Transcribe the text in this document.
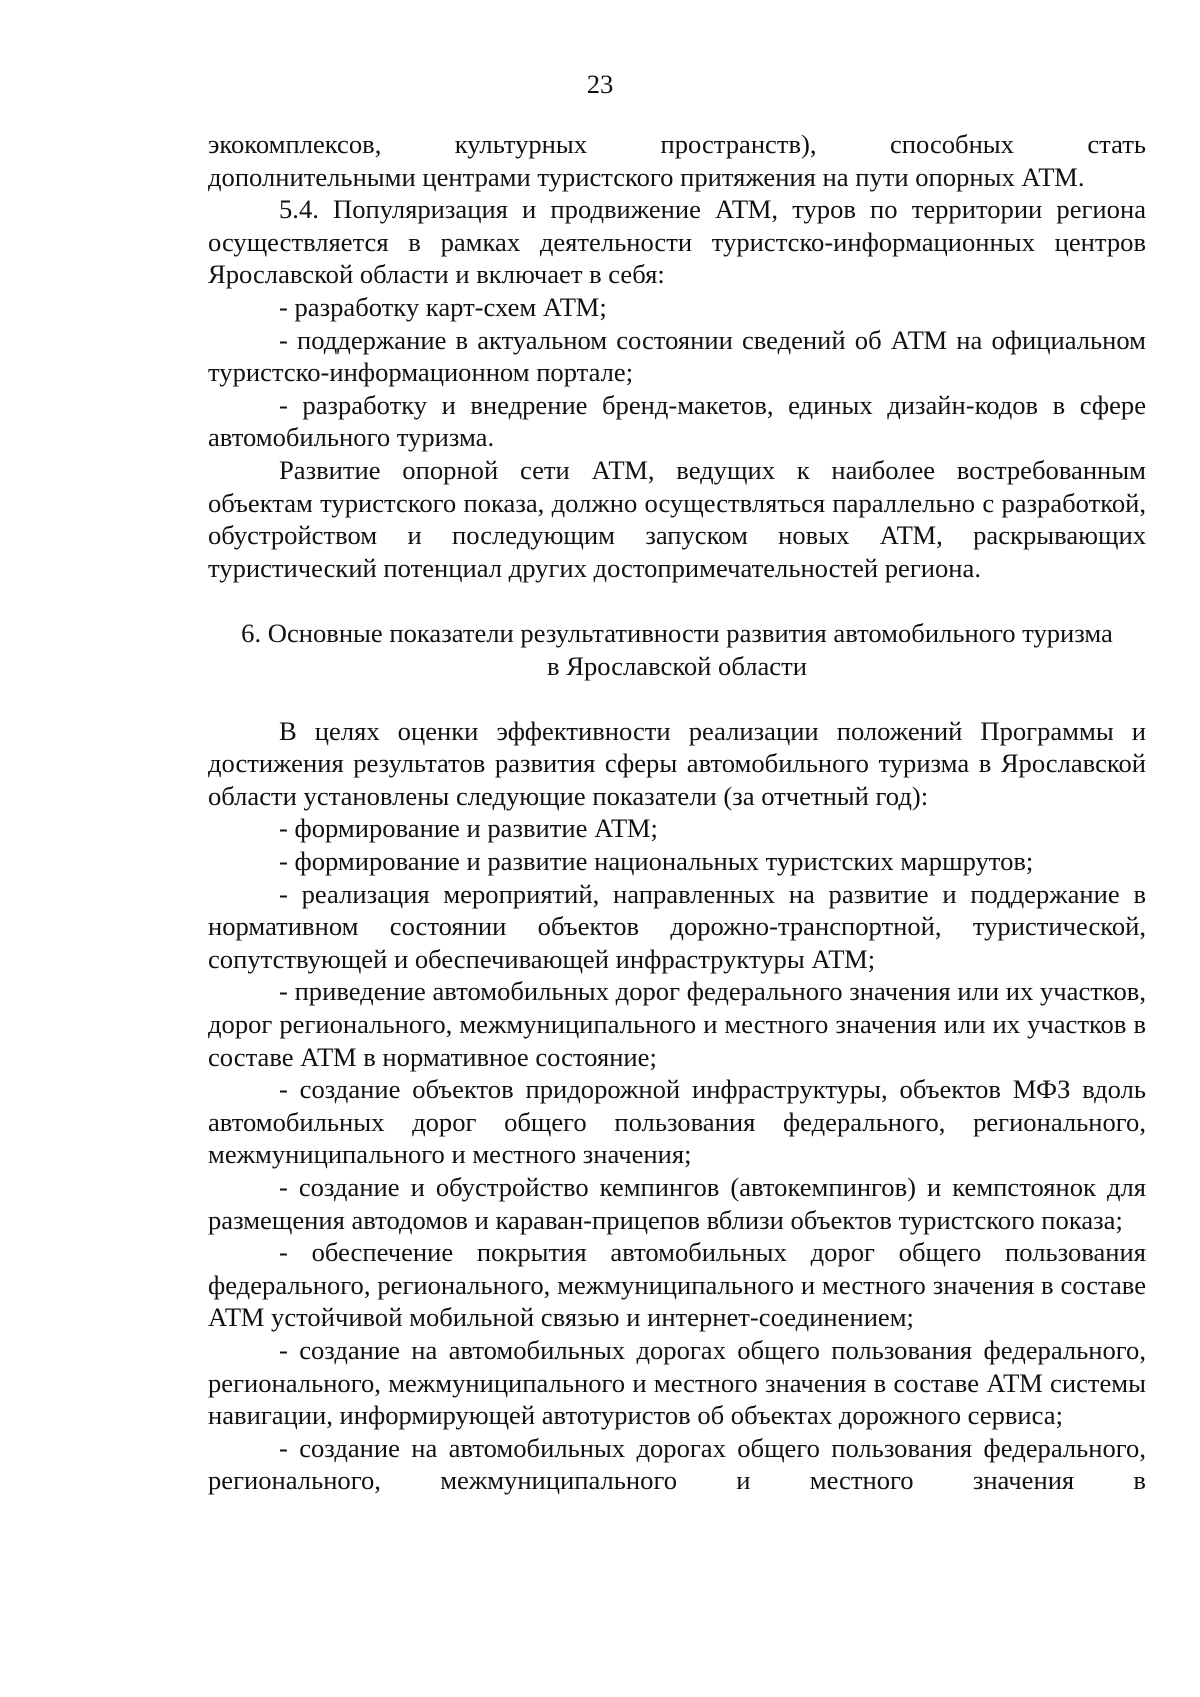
23

экокомплексов, культурных пространств), способных стать

дополнительными центрами туристского притяжения на пути опорных АТМ.

5.4. Популяризация и продвижение АТМ, туров по территории региона осуществляется в рамках деятельности туристско-информационных центров Ярославской области и включает в себя:

- разработку карт-схем АТМ;

- поддержание в актуальном состоянии сведений об АТМ на официальном туристско-информационном портале;

- разработку и внедрение бренд-макетов, единых дизайн-кодов в сфере автомобильного туризма.

Развитие опорной сети АТМ, ведущих к наиболее востребованным объектам туристского показа, должно осуществляться параллельно с разработкой, обустройством и последующим запуском новых АТМ, раскрывающих туристический потенциал других достопримечательностей региона.

6. Основные показатели результативности развития автомобильного туризма

в Ярославской области

В целях оценки эффективности реализации положений Программы и достижения результатов развития сферы автомобильного туризма в Ярославской области установлены следующие показатели (за отчетный год):

- формирование и развитие АТМ;

- формирование и развитие национальных туристских маршрутов;

- реализация мероприятий, направленных на развитие и поддержание в нормативном состоянии объектов дорожно-транспортной, туристической, сопутствующей и обеспечивающей инфраструктуры АТМ;

- приведение автомобильных дорог федерального значения или их участков, дорог регионального, межмуниципального и местного значения или их участков в составе АТМ в нормативное состояние;

- создание объектов придорожной инфраструктуры, объектов МФЗ вдоль автомобильных дорог общего пользования федерального, регионального, межмуниципального и местного значения;

- создание и обустройство кемпингов (автокемпингов) и кемпстоянок для размещения автодомов и караван-прицепов вблизи объектов туристского показа;

- обеспечение покрытия автомобильных дорог общего пользования федерального, регионального, межмуниципального и местного значения в составе АТМ устойчивой мобильной связью и интернет-соединением;

- создание на автомобильных дорогах общего пользования федерального, регионального, межмуниципального и местного значения в составе АТМ системы навигации, информирующей автотуристов об объектах дорожного сервиса;

- создание на автомобильных дорогах общего пользования федерального, регионального, межмуниципального и местного значения в
